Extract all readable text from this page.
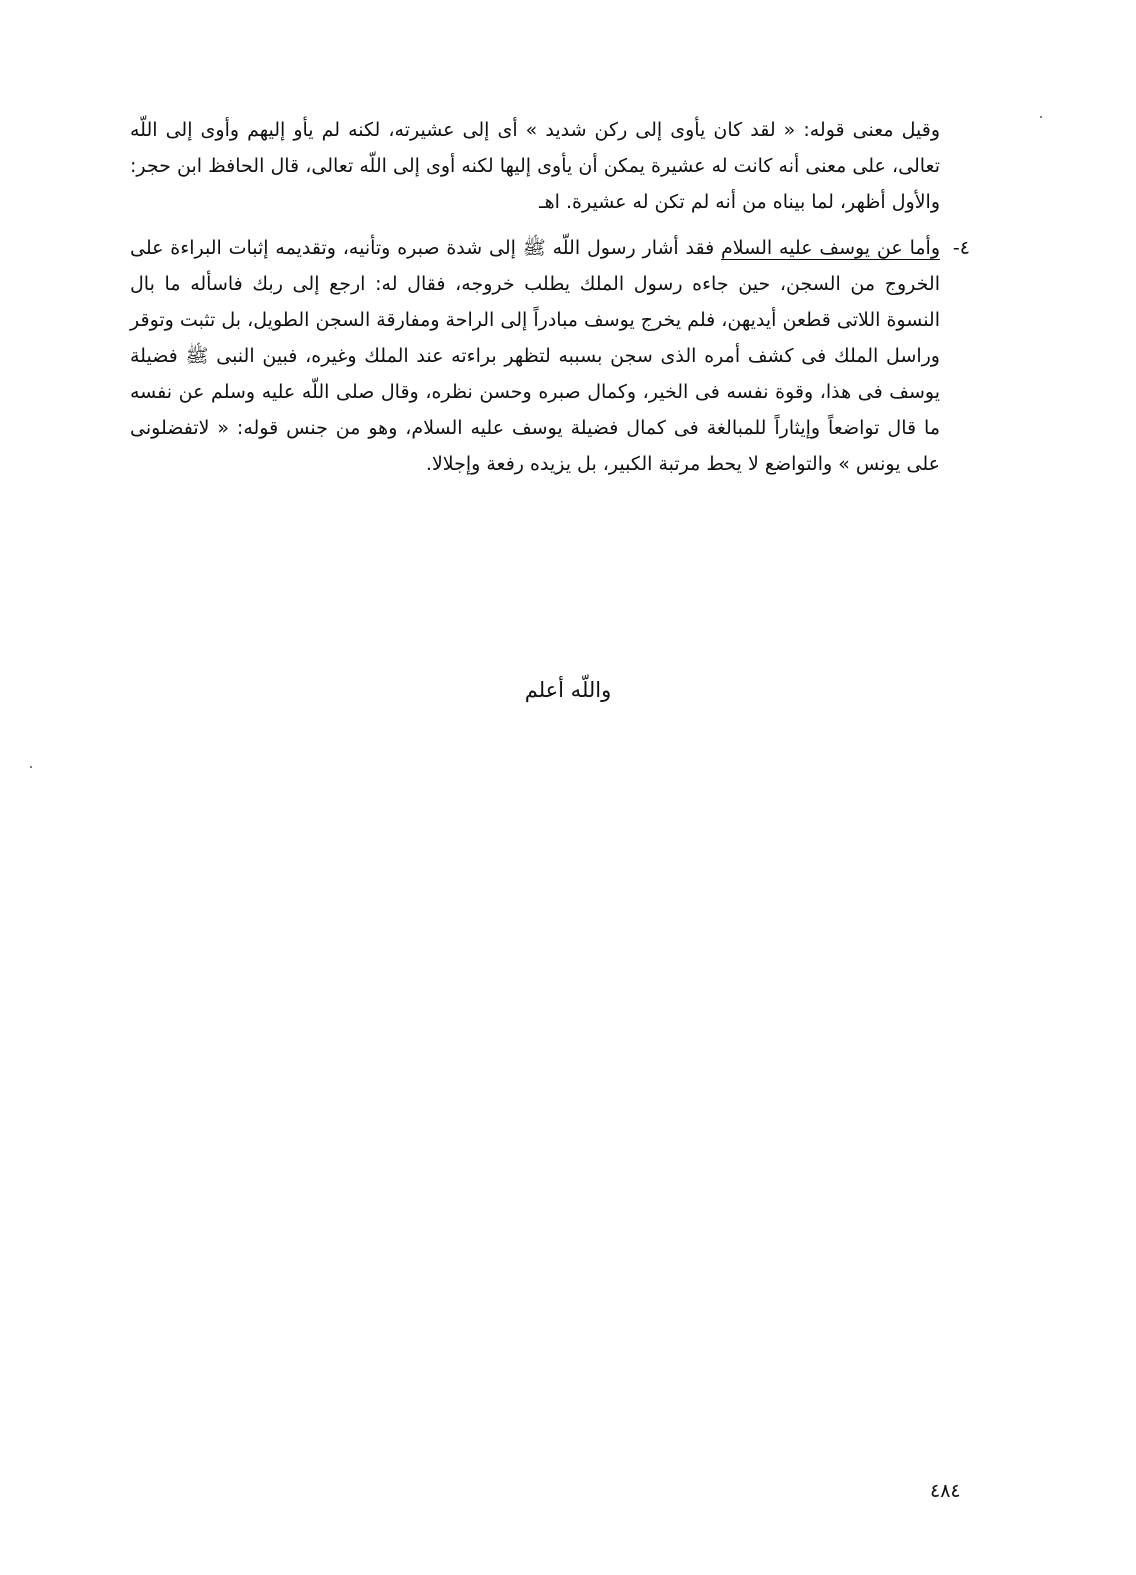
وقيل معنى قوله: « لقد كان يأوى إلى ركن شديد » أى إلى عشيرته، لكنه لم يأو إليهم وأوى إلى اللّه تعالى، على معنى أنه كانت له عشيرة يمكن أن يأوى إليها لكنه أوى إلى اللّه تعالى، قال الحافظ ابن حجر: والأول أظهر، لما بيناه من أنه لم تكن له عشيرة. اهـ

٤-

وأما عن يوسف عليه السلام فقد أشار رسول اللّه ﷺ إلى شدة صبره وتأنيه، وتقديمه إثبات البراءة على الخروج من السجن، حين جاءه رسول الملك يطلب خروجه، فقال له: ارجع إلى ربك فاسأله ما بال النسوة اللاتى قطعن أيديهن، فلم يخرج يوسف مبادراً إلى الراحة ومفارقة السجن الطويل، بل تثبت وتوقر وراسل الملك فى كشف أمره الذى سجن بسببه لتظهر براءته عند الملك وغيره، فبين النبى ﷺ فضيلة يوسف فى هذا، وقوة نفسه فى الخير، وكمال صبره وحسن نظره، وقال صلى اللّه عليه وسلم عن نفسه ما قال تواضعاً وإيثاراً للمبالغة فى كمال فضيلة يوسف عليه السلام، وهو من جنس قوله: « لاتفضلونى على يونس » والتواضع لا يحط مرتبة الكبير، بل يزيده رفعة وإجلالا.

واللّه أعلم
٤٨٤
